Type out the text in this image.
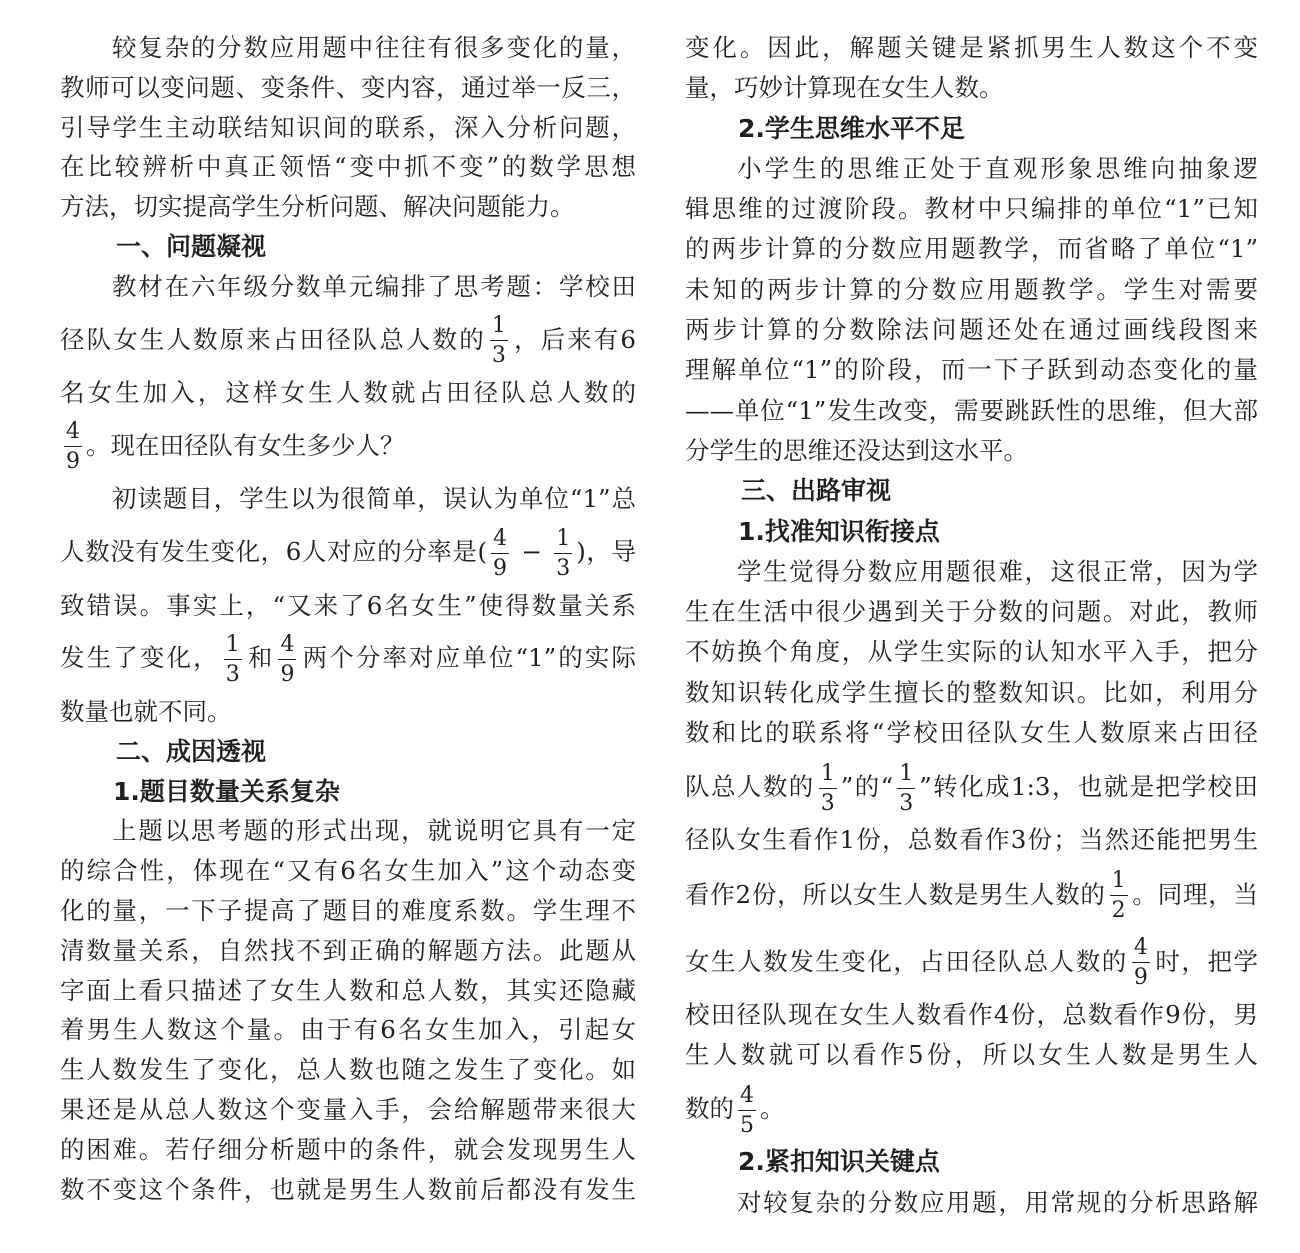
较复杂的分数应用题中往往有很多变化的量，
教师可以变问题、变条件、变内容，通过举一反三，
引导学生主动联结知识间的联系，深入分析问题，
在比较辨析中真正领悟“变中抓不变”的数学思想
方法，切实提高学生分析问题、解决问题能力。
一、问题凝视
教材在六年级分数单元编排了思考题：学校田
径队女生人数原来占田径队总人数的 $\frac{1}{3}$ ，后来有6
名女生加入，这样女生人数就占田径队总人数的
$\frac{4}{9}$ 。现在田径队有女生多少人？
初读题目，学生以为很简单，误认为单位“1”总
人数没有发生变化，6人对应的分率是( $\frac{4}{9} - \frac{1}{3}$ )，导
致错误。事实上，“又来了6名女生”使得数量关系
发生了变化， $\frac{1}{3}$ 和 $\frac{4}{9}$ 两个分率对应单位“1”的实际
数量也就不同。
二、成因透视
1.题目数量关系复杂
上题以思考题的形式出现，就说明它具有一定
的综合性，体现在“又有6名女生加入”这个动态变
化的量，一下子提高了题目的难度系数。学生理不
清数量关系，自然找不到正确的解题方法。此题从
字面上看只描述了女生人数和总人数，其实还隐藏
着男生人数这个量。由于有6名女生加入，引起女
生人数发生了变化，总人数也随之发生了变化。如
果还是从总人数这个变量入手，会给解题带来很大
的困难。若仔细分析题中的条件，就会发现男生人
数不变这个条件，也就是男生人数前后都没有发生
变化。因此，解题关键是紧抓男生人数这个不变
量，巧妙计算现在女生人数。
2.学生思维水平不足
小学生的思维正处于直观形象思维向抽象逻
辑思维的过渡阶段。教材中只编排的单位“1”已知
的两步计算的分数应用题教学，而省略了单位“1”
未知的两步计算的分数应用题教学。学生对需要
两步计算的分数除法问题还处在通过画线段图来
理解单位“1”的阶段，而一下子跃到动态变化的量
——单位“1”发生改变，需要跳跃性的思维，但大部
分学生的思维还没达到这水平。
三、出路审视
1.找准知识衔接点
学生觉得分数应用题很难，这很正常，因为学
生在生活中很少遇到关于分数的问题。对此，教师
不妨换个角度，从学生实际的认知水平入手，把分
数知识转化成学生擅长的整数知识。比如，利用分
数和比的联系将“学校田径队女生人数原来占田径
队总人数的 $\frac{1}{3}$ ”的“ $\frac{1}{3}$ ”转化成1:3，也就是把学校田
径队女生看作1份，总数看作3份；当然还能把男生
看作2份，所以女生人数是男生人数的 $\frac{1}{2}$ 。同理，当
女生人数发生变化，占田径队总人数的 $\frac{4}{9}$ 时，把学
校田径队现在女生人数看作4份，总数看作9份，男
生人数就可以看作5份，所以女生人数是男生人
数的 $\frac{4}{5}$ 。
2.紧扣知识关键点
对较复杂的分数应用题，用常规的分析思路解
